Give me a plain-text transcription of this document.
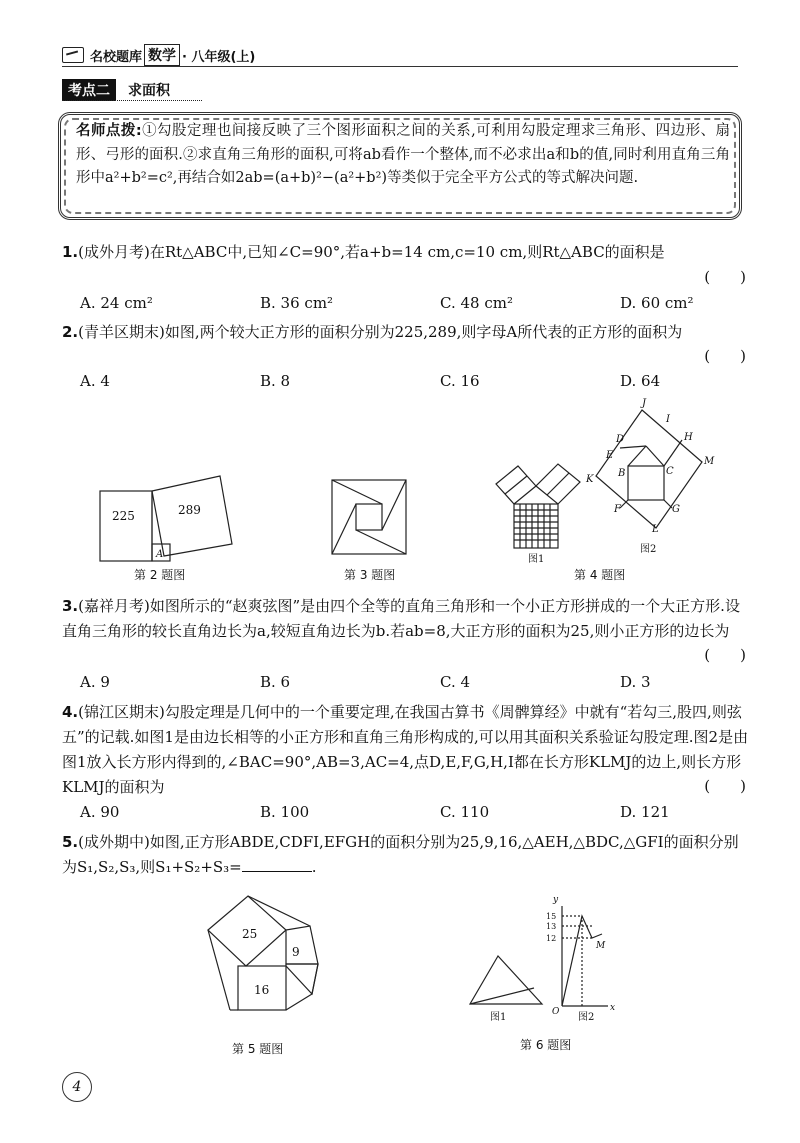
名校题库 数学 · 八年级(上)
考点二	求面积
名师点拨:①勾股定理也间接反映了三个图形面积之间的关系,可利用勾股定理求三角形、四边形、扇形、弓形的面积.②求直角三角形的面积,可将ab看作一个整体,而不必求出a和b的值,同时利用直角三角形中a²+b²=c²,再结合如2ab=(a+b)²−(a²+b²)等类似于完全平方公式的等式解决问题.
1.(成外月考)在Rt△ABC中,已知∠C=90°,若a+b=14 cm,c=10 cm,则Rt△ABC的面积是
(　　)
A. 24 cm²	B. 36 cm²	C. 48 cm²	D. 60 cm²
2.(青羊区期末)如图,两个较大正方形的面积分别为225,289,则字母A所代表的正方形的面积为
(　　)
A. 4	B. 8	C. 16	D. 64
225	289
A
J
I
D	H
E
M
B	C
K
F	G
L
图1
图2
第 2 题图	第 3 题图	第 4 题图
3.(嘉祥月考)如图所示的“赵爽弦图”是由四个全等的直角三角形和一个小正方形拼成的一个大正方形.设直角三角形的较长直角边长为a,较短直角边长为b.若ab=8,大正方形的面积为25,则小正方形的边长为
(　　)
A. 9	B. 6	C. 4	D. 3
4.(锦江区期末)勾股定理是几何中的一个重要定理,在我国古算书《周髀算经》中就有“若勾三,股四,则弦五”的记载.如图1是由边长相等的小正方形和直角三角形构成的,可以用其面积关系验证勾股定理.图2是由图1放入长方形内得到的,∠BAC=90°,AB=3,AC=4,点D,E,F,G,H,I都在长方形KLMJ的边上,则长方形KLMJ的面积为	(　　)
A. 90	B. 100	C. 110	D. 121
5.(成外期中)如图,正方形ABDE,CDFI,EFGH的面积分别为25,9,16,△AEH,△BDC,△GFI的面积分别为S₁,S₂,S₃,则S₁+S₂+S₃=	.
25
9
16
y
x
O
15
13
12
M
图1	图2
第 5 题图	第 6 题图
4
